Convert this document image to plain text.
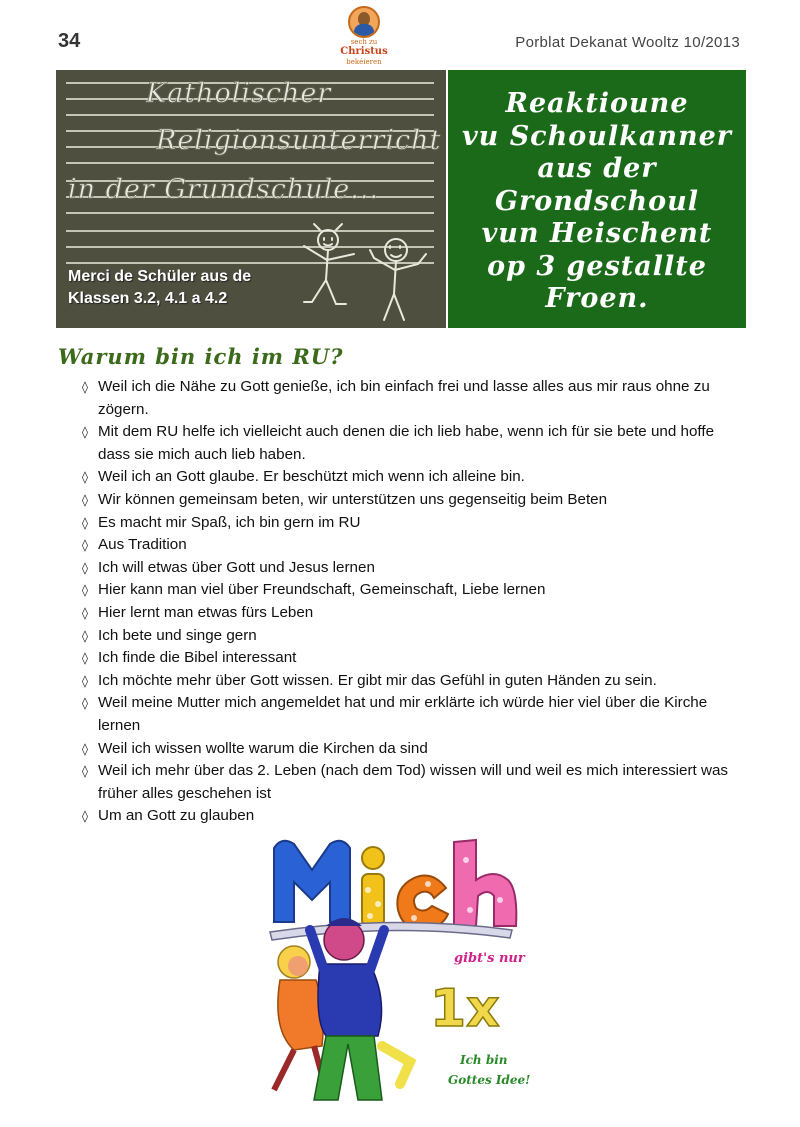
34	sech zu
Christus
bekéieren
Porblat Dekanat Wooltz 10/2013
Katholischer
Religionsunterricht
in der Grundschule...
Merci de Schüler aus de
Klassen 3.2, 4.1 a 4.2
Reaktioune
vu Schoulkanner
aus der
Grondschoul
vun Heischent
op 3 gestallte
Froen.
Warum bin ich im RU?
◊ Weil ich die Nähe zu Gott genieße, ich bin einfach frei und lasse alles aus mir raus ohne zu zögern.
◊ Mit dem RU helfe ich vielleicht auch denen die ich lieb habe, wenn ich für sie bete und hoffe dass sie mich auch lieb haben.
◊ Weil ich an Gott glaube. Er beschützt mich wenn ich alleine bin.
◊ Wir können gemeinsam beten, wir unterstützen uns gegenseitig beim Beten
◊ Es macht mir Spaß, ich bin gern im RU
◊ Aus Tradition
◊ Ich will etwas über Gott und Jesus lernen
◊ Hier kann man viel über Freundschaft, Gemeinschaft, Liebe lernen
◊ Hier lernt man etwas fürs Leben
◊ Ich bete und singe gern
◊ Ich finde die Bibel interessant
◊ Ich möchte mehr über Gott wissen. Er gibt mir das Gefühl in guten Händen zu sein.
◊ Weil meine Mutter mich angemeldet hat und mir erklärte ich würde hier viel über die Kirche lernen
◊ Weil ich wissen wollte warum die Kirchen da sind
◊ Weil ich mehr über das 2. Leben (nach dem Tod) wissen will und weil es mich interessiert was früher alles geschehen ist
◊ Um an Gott zu glauben
gibt's nur
1x
Ich bin
Gottes Idee!
